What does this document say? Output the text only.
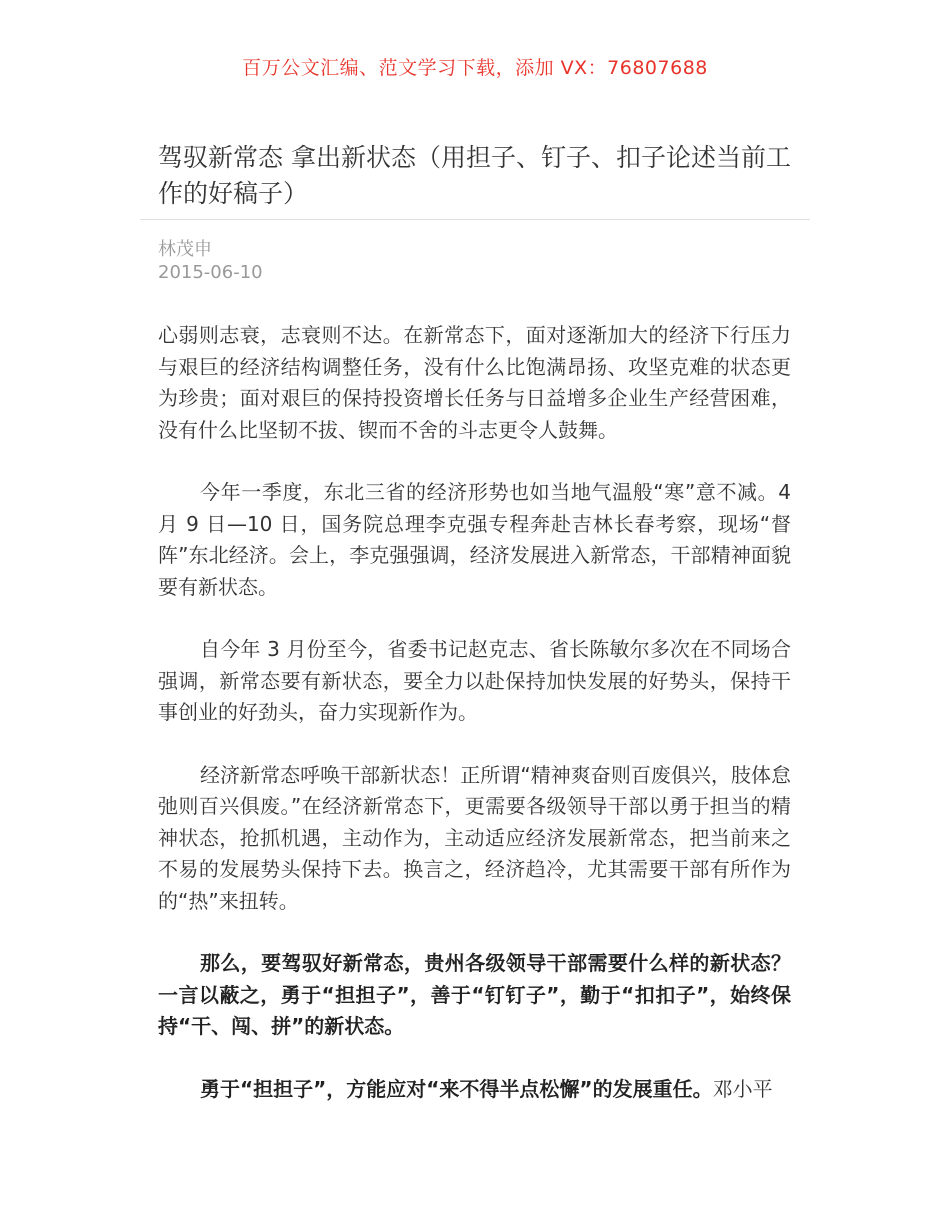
百万公文汇编、范文学习下载，添加 VX：76807688
驾驭新常态 拿出新状态（用担子、钉子、扣子论述当前工作的好稿子）
林茂申
2015-06-10

心弱则志衰，志衰则不达。在新常态下，面对逐渐加大的经济下行压力与艰巨的经济结构调整任务，没有什么比饱满昂扬、攻坚克难的状态更为珍贵；面对艰巨的保持投资增长任务与日益增多企业生产经营困难，没有什么比坚韧不拔、锲而不舍的斗志更令人鼓舞。

今年一季度，东北三省的经济形势也如当地气温般“寒”意不减。4 月 9 日—10 日，国务院总理李克强专程奔赴吉林长春考察，现场“督阵”东北经济。会上，李克强强调，经济发展进入新常态，干部精神面貌要有新状态。

自今年 3 月份至今，省委书记赵克志、省长陈敏尔多次在不同场合强调，新常态要有新状态，要全力以赴保持加快发展的好势头，保持干事创业的好劲头，奋力实现新作为。

经济新常态呼唤干部新状态！正所谓“精神爽奋则百废俱兴，肢体怠弛则百兴俱废。”在经济新常态下，更需要各级领导干部以勇于担当的精神状态，抢抓机遇，主动作为，主动适应经济发展新常态，把当前来之不易的发展势头保持下去。换言之，经济趋冷，尤其需要干部有所作为的“热”来扭转。

那么，要驾驭好新常态，贵州各级领导干部需要什么样的新状态？一言以蔽之，勇于“担担子”，善于“钉钉子”，勤于“扣扣子”，始终保持“干、闯、拼”的新状态。

勇于“担担子”，方能应对“来不得半点松懈”的发展重任。邓小平
